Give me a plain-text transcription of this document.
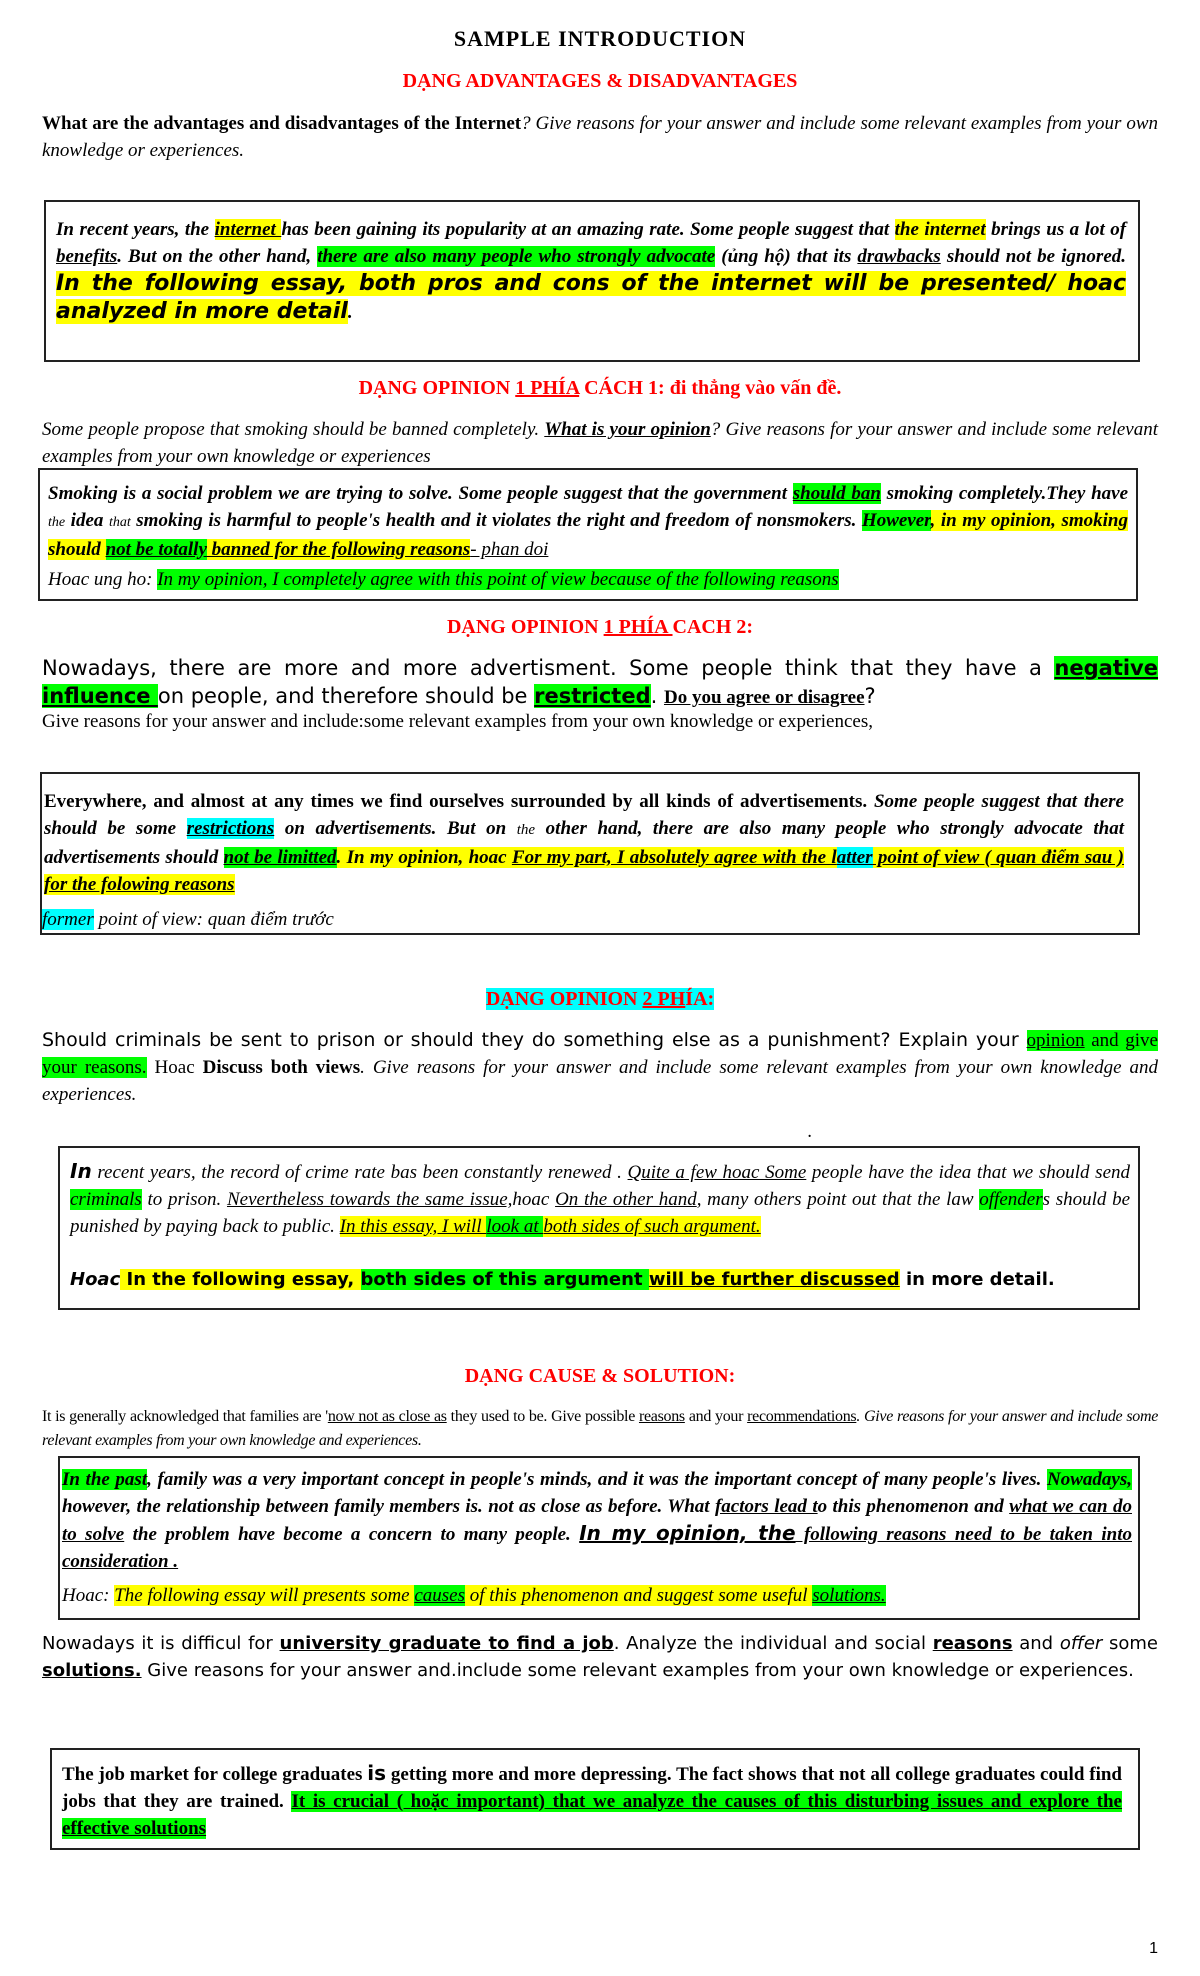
SAMPLE INTRODUCTION
DẠNG ADVANTAGES & DISADVANTAGES
What are the advantages and disadvantages of the Internet? Give reasons for your answer and include some relevant examples from your own knowledge or experiences.
In recent years, the internet has been gaining its popularity at an amazing rate. Some people suggest that the internet brings us a lot of benefits. But on the other hand, there are also many people who strongly advocate (ủng hộ) that its drawbacks should not be ignored. In the following essay, both pros and cons of the internet will be presented/ hoac analyzed in more detail.
DẠNG OPINION 1 PHÍA CÁCH 1: đi thẳng vào vấn đề.
Some people propose that smoking should be banned completely. What is your opinion? Give reasons for your answer and include some relevant examples from your own knowledge or experiences
Smoking is a social problem we are trying to solve. Some people suggest that the government should ban smoking completely.They have the idea that smoking is harmful to people's health and it violates the right and freedom of nonsmokers. However, in my opinion, smoking should not be totally banned for the following reasons- phan doi
Hoac ung ho: In my opinion, I completely agree with this point of view because of the following reasons
DẠNG OPINION 1 PHÍA CACH 2:
Nowadays, there are more and more advertisment. Some people think that they have a negative influence on people, and therefore should be restricted. Do you agree or disagree?
Give reasons for your answer and include:some relevant examples from your own knowledge or experiences,
Everywhere, and almost at any times we find ourselves surrounded by all kinds of advertisements. Some people suggest that there should be some restrictions on advertisements. But on the other hand, there are also many people who strongly advocate that advertisements should not be limitted. In my opinion, hoac For my part, I absolutely agree with the latter point of view ( quan điểm sau ) for the folowing reasons
former point of view: quan điểm trước
DẠNG OPINION 2 PHÍA:
Should criminals be sent to prison or should they do something else as a punishment? Explain your opinion and give your reasons. Hoac Discuss both views. Give reasons for your answer and include some relevant examples from your own knowledge and experiences.
.
In recent years, the record of crime rate bas been constantly renewed . Quite a few hoac Some people have the idea that we should send criminals to prison. Nevertheless towards the same issue,hoac On the other hand, many others point out that the law offenders should be punished by paying back to public. In this essay, I will look at both sides of such argument.
Hoac In the following essay, both sides of this argument will be further discussed in more detail.
DẠNG CAUSE & SOLUTION:
It is generally acknowledged that families are 'now not as close as they used to be. Give possible reasons and your recommendations. Give reasons for your answer and include some relevant examples from your own knowledge and experiences.
In the past, family was a very important concept in people's minds, and it was the important concept of many people's lives. Nowadays, however, the relationship between family members is. not as close as before. What factors lead to this phenomenon and what we can do to solve the problem have become a concern to many people. In my opinion, the following reasons need to be taken into consideration .
Hoac: The following essay will presents some causes of this phenomenon and suggest some useful solutions.
Nowadays it is difficul for university graduate to find a job. Analyze the individual and social reasons and offer some solutions. Give reasons for your answer and.include some relevant examples from your own knowledge or experiences.
The job market for college graduates is getting more and more depressing. The fact shows that not all college graduates could find jobs that they are trained. It is crucial ( hoặc important) that we analyze the causes of this disturbing issues and explore the effective solutions
1
